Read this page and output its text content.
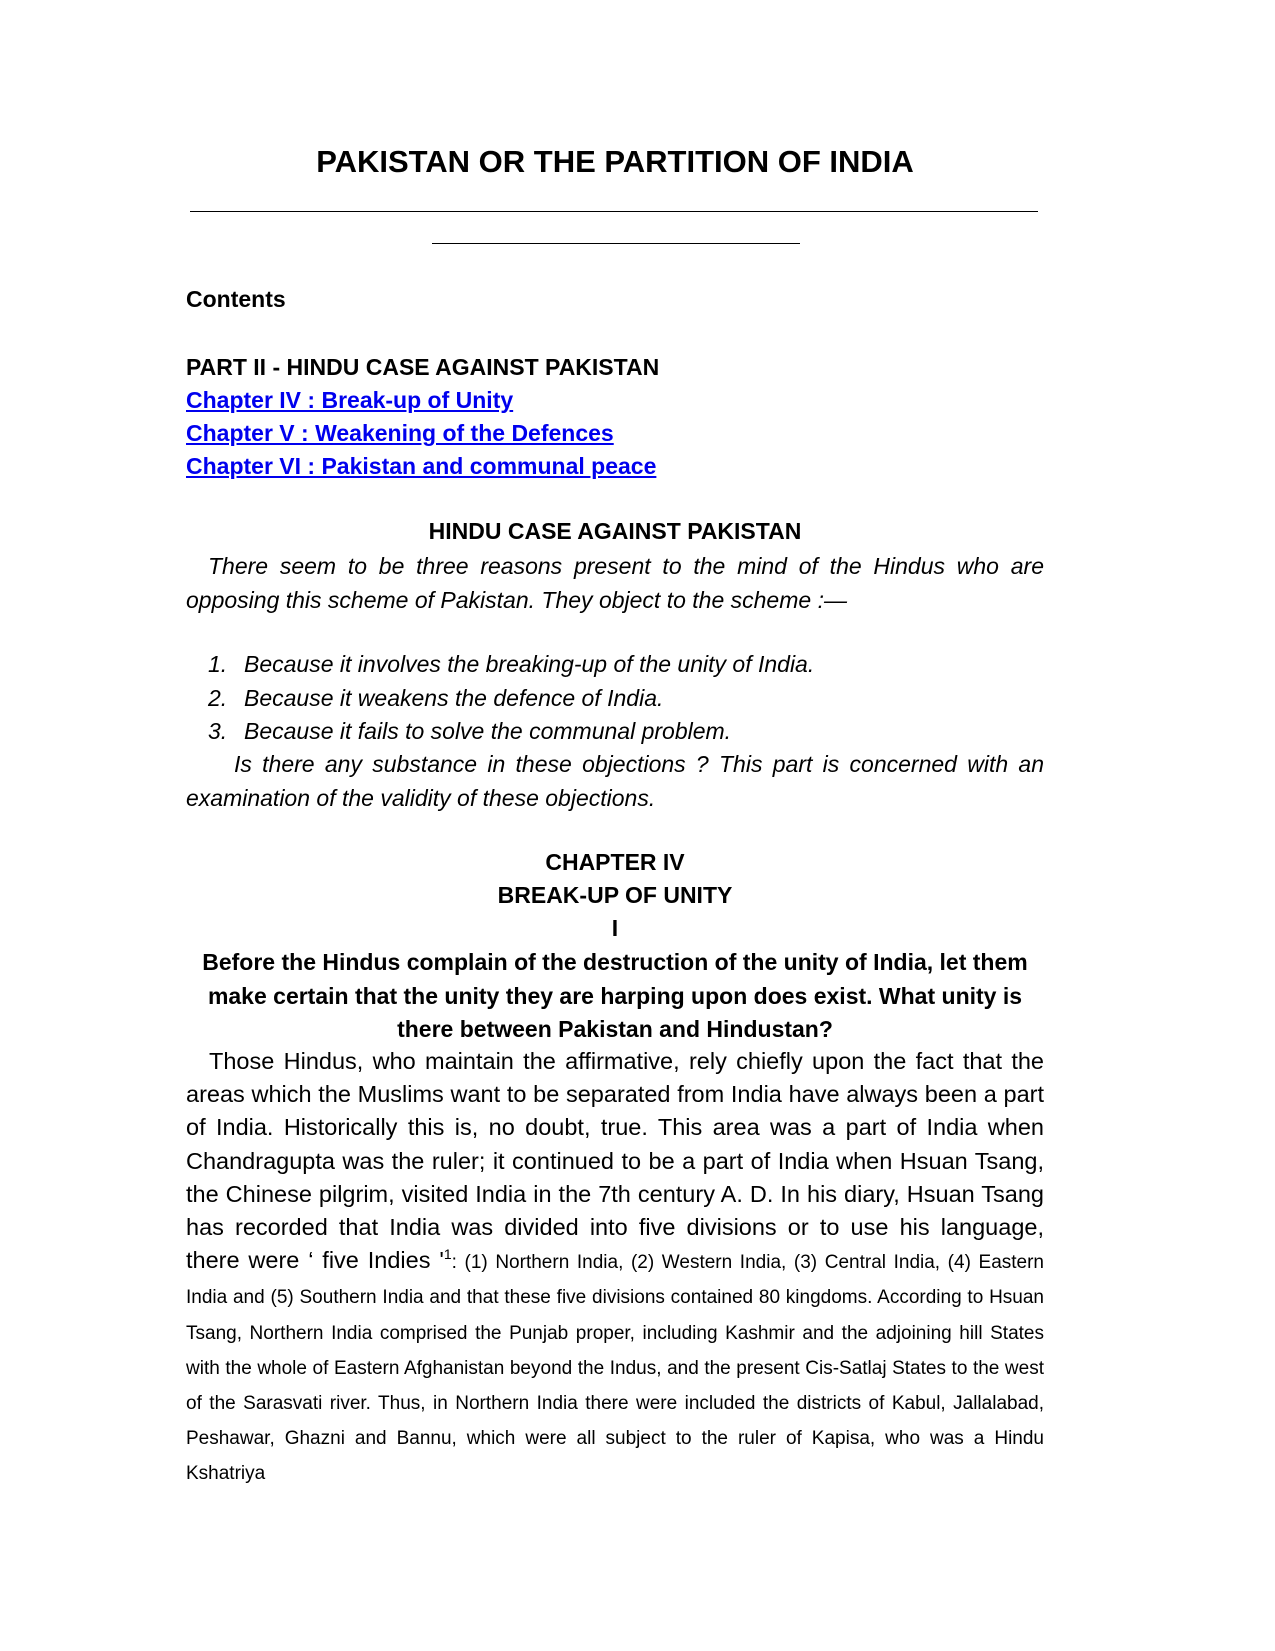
PAKISTAN OR THE PARTITION OF INDIA
Contents
PART II - HINDU CASE AGAINST PAKISTAN
Chapter IV : Break-up of Unity
Chapter V : Weakening of the Defences
Chapter VI : Pakistan and communal peace
HINDU CASE AGAINST PAKISTAN

There seem to be three reasons present to the mind of the Hindus who are opposing this scheme of Pakistan. They object to the scheme :—

1. Because it involves the breaking-up of the unity of India.
2. Because it weakens the defence of India.
3. Because it fails to solve the communal problem.

Is there any substance in these objections ? This part is concerned with an examination of the validity of these objections.

CHAPTER IV
BREAK-UP OF UNITY
I

Before the Hindus complain of the destruction of the unity of India, let them make certain that the unity they are harping upon does exist. What unity is there between Pakistan and Hindustan?

Those Hindus, who maintain the affirmative, rely chiefly upon the fact that the areas which the Muslims want to be separated from India have always been a part of India. Historically this is, no doubt, true. This area was a part of India when Chandragupta was the ruler; it continued to be a part of India when Hsuan Tsang, the Chinese pilgrim, visited India in the 7th century A. D. In his diary, Hsuan Tsang has recorded that India was divided into five divisions or to use his language, there were ‘ five Indies '$^1$: (1) Northern India, (2) Western India, (3) Central India, (4) Eastern India and (5) Southern India and that these five divisions contained 80 kingdoms. According to Hsuan Tsang, Northern India comprised the Punjab proper, including Kashmir and the adjoining hill States with the whole of Eastern Afghanistan beyond the Indus, and the present Cis-Satlaj States to the west of the Sarasvati river. Thus, in Northern India there were included the districts of Kabul, Jallalabad, Peshawar, Ghazni and Bannu, which were all subject to the ruler of Kapisa, who was a Hindu Kshatriya
